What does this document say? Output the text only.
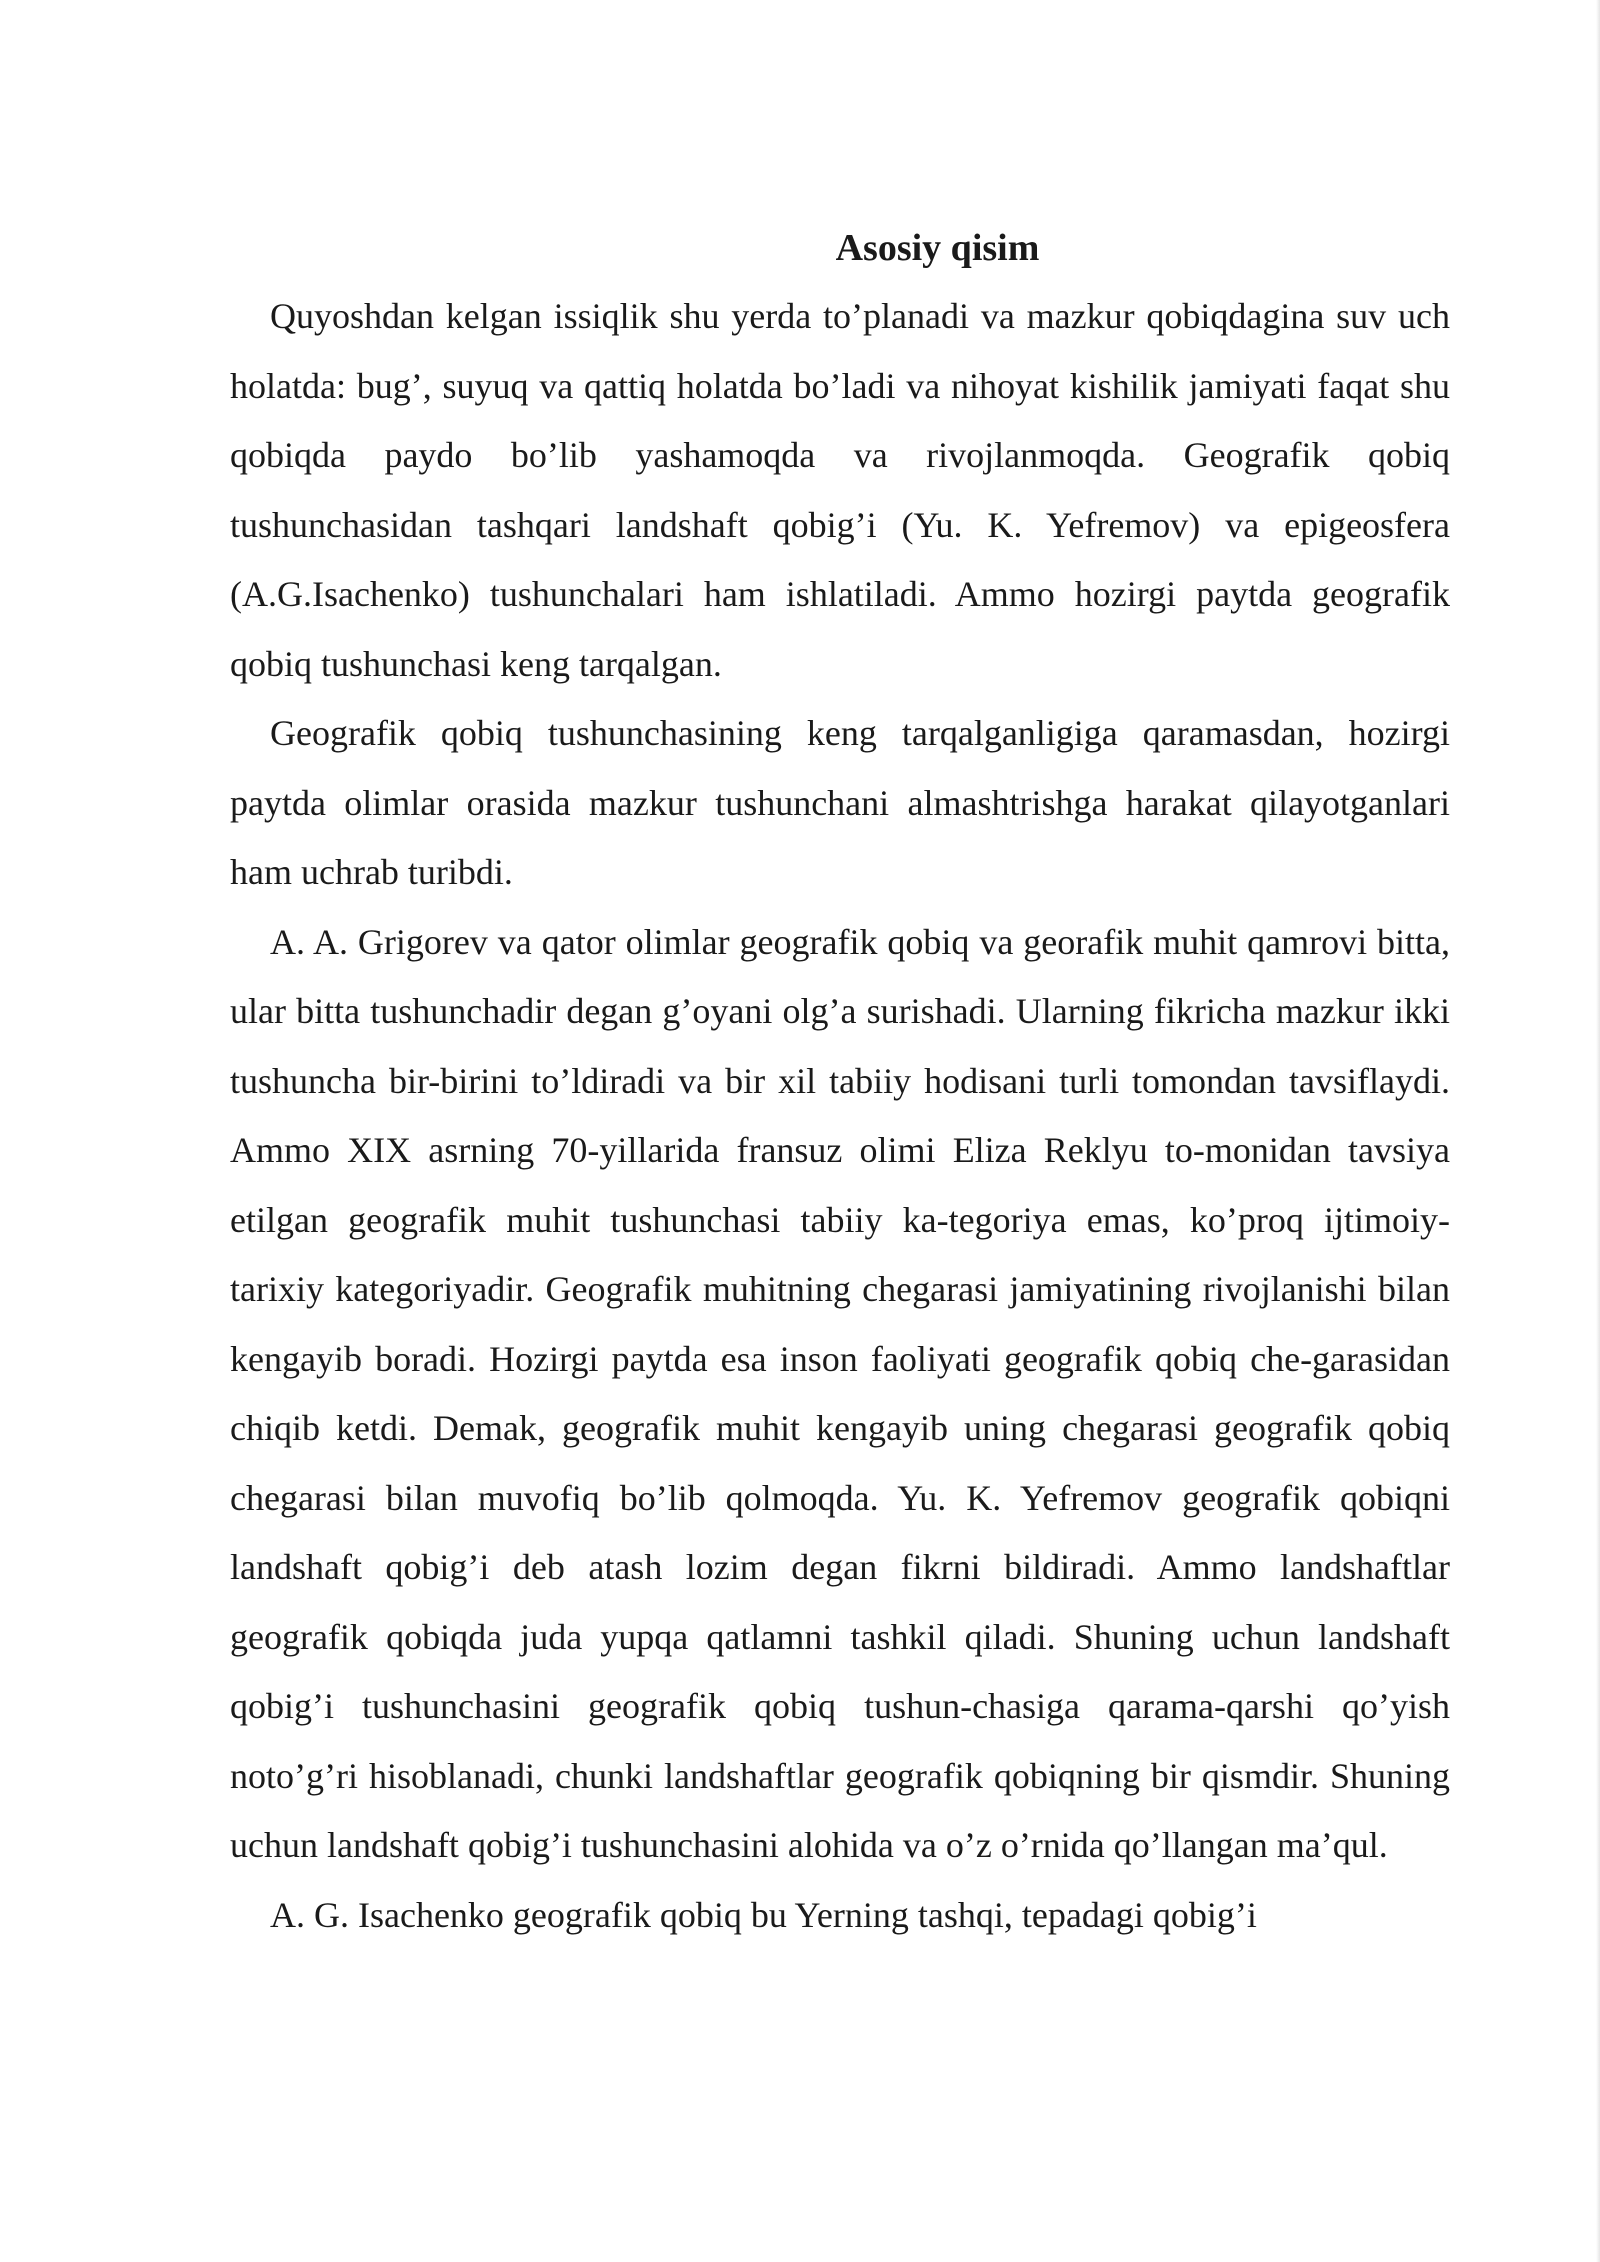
Asosiy qisim

Quyoshdan kelgan issiqlik shu yerda to’planadi va mazkur qobiqdagina suv uch holatda: bug’, suyuq va qattiq holatda bo’ladi va nihoyat kishilik jamiyati faqat shu qobiqda paydo bo’lib yashamoqda va rivojlanmoqda. Geografik qobiq tushunchasidan tashqari landshaft qobig’i (Yu. K. Yefremov) va epigeosfera (A.G.Isachenko) tushunchalari ham ishlatiladi. Ammo hozirgi paytda geografik qobiq tushunchasi keng tarqalgan.

Geografik qobiq tushunchasining keng tarqalganligiga qaramasdan, hozirgi paytda olimlar orasida mazkur tushunchani almashtrishga harakat qilayotganlari ham uchrab turibdi.

A. A. Grigorev va qator olimlar geografik qobiq va georafik muhit qamrovi bitta, ular bitta tushunchadir degan g’oyani olg’a surishadi. Ularning fikricha mazkur ikki tushuncha bir-birini to’ldiradi va bir xil tabiiy hodisani turli tomondan tavsiflaydi. Ammo XIX asrning 70-yillarida fransuz olimi Eliza Reklyu to-monidan tavsiya etilgan geografik muhit tushunchasi tabiiy ka-tegoriya emas, ko’proq ijtimoiy-tarixiy kategoriyadir. Geografik muhitning chegarasi jamiyatining rivojlanishi bilan kengayib boradi. Hozirgi paytda esa inson faoliyati geografik qobiq che-garasidan chiqib ketdi. Demak, geografik muhit kengayib uning chegarasi geografik qobiq chegarasi bilan muvofiq bo’lib qolmoqda. Yu. K. Yefremov geografik qobiqni landshaft qobig’i deb atash lozim degan fikrni bildiradi. Ammo landshaftlar geografik qobiqda juda yupqa qatlamni tashkil qiladi. Shuning uchun landshaft qobig’i tushunchasini geografik qobiq tushun-chasiga qarama-qarshi qo’yish noto’g’ri hisoblanadi, chunki landshaftlar geografik qobiqning bir qismdir. Shuning uchun landshaft qobig’i tushunchasini alohida va o’z o’rnida qo’llangan ma’qul.

A. G. Isachenko geografik qobiq bu Yerning tashqi, tepadagi qobig’i
